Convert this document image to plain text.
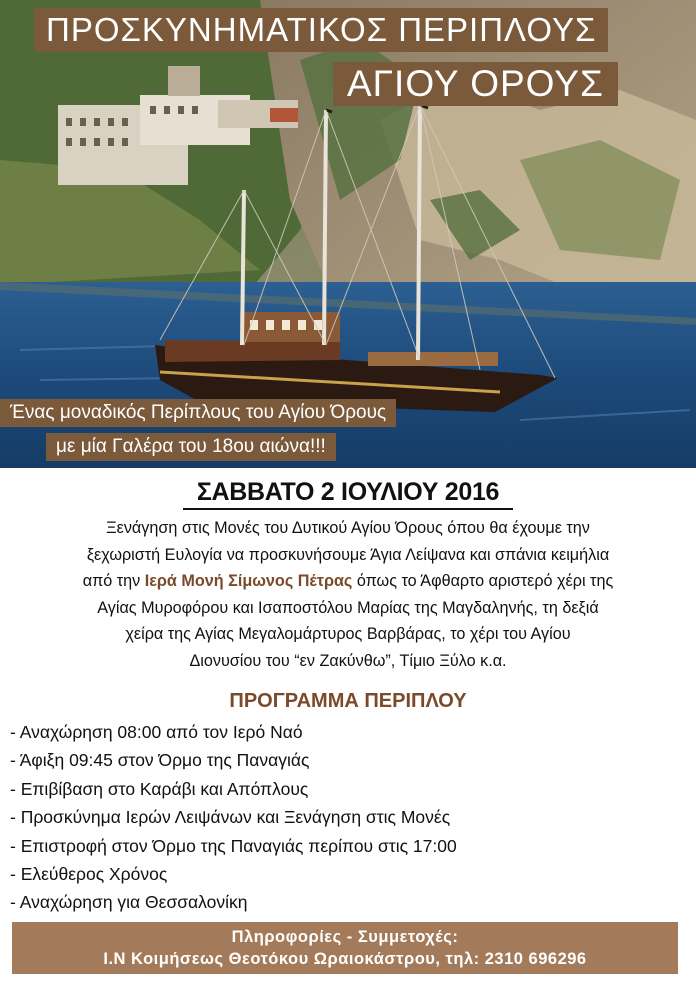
ΠΡΟΣΚΥΝΗΜΑΤΙΚΟΣ ΠΕΡΙΠΛΟΥΣ
ΑΓΙΟΥ ΟΡΟΥΣ
Ένας μοναδικός Περίπλους του Αγίου Όρους
με μία Γαλέρα του 18ου αιώνα!!!
ΣΑΒΒΑΤΟ 2 ΙΟΥΛΙΟΥ 2016
Ξενάγηση στις Μονές του Δυτικού Αγίου Όρους όπου θα έχουμε την
ξεχωριστή Ευλογία να προσκυνήσουμε Άγια Λείψανα και σπάνια κειμήλια
από την Ιερά Μονή Σίμωνος Πέτρας όπως το Άφθαρτο αριστερό χέρι της
Αγίας Μυροφόρου και Ισαποστόλου Μαρίας της Μαγδαληνής, τη δεξιά
χείρα της Αγίας Μεγαλομάρτυρος Βαρβάρας, το χέρι του Αγίου
Διονυσίου του “εν Ζακύνθω”, Τίμιο Ξύλο κ.α.
ΠΡΟΓΡΑΜΜΑ ΠΕΡΙΠΛΟΥ
- Αναχώρηση 08:00 από τον Ιερό Ναό
- Άφιξη 09:45 στον Όρμο της Παναγιάς
- Επιβίβαση στο Καράβι και Απόπλους
- Προσκύνημα Ιερών Λειψάνων και Ξενάγηση στις Μονές
- Επιστροφή στον Όρμο της Παναγιάς περίπου στις 17:00
- Ελεύθερος Χρόνος
- Αναχώρηση για Θεσσαλονίκη
Πληροφορίες - Συμμετοχές:
Ι.Ν Κοιμήσεως Θεοτόκου Ωραιοκάστρου, τηλ: 2310 696296
